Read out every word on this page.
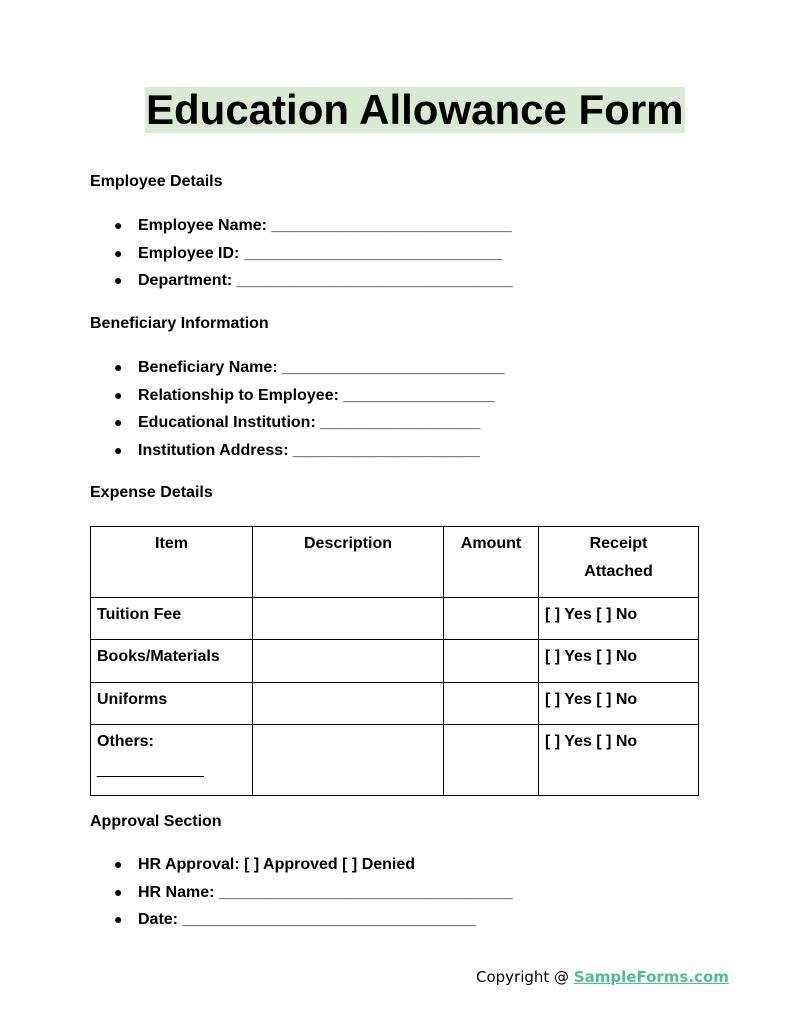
Education Allowance Form
Employee Details
● Employee Name: ___________________________
● Employee ID: _____________________________
● Department: _______________________________
Beneficiary Information
● Beneficiary Name: _________________________
● Relationship to Employee: _________________
● Educational Institution: __________________
● Institution Address: _____________________
Expense Details
Item	Description	Amount	Receipt Attached
Tuition Fee			[ ] Yes [ ] No
Books/Materials			[ ] Yes [ ] No
Uniforms			[ ] Yes [ ] No

Others:
____________			[ ] Yes [ ] No
Approval Section
● HR Approval: [ ] Approved [ ] Denied
● HR Name: _________________________________
● Date: _________________________________
Copyright @ SampleForms.com
